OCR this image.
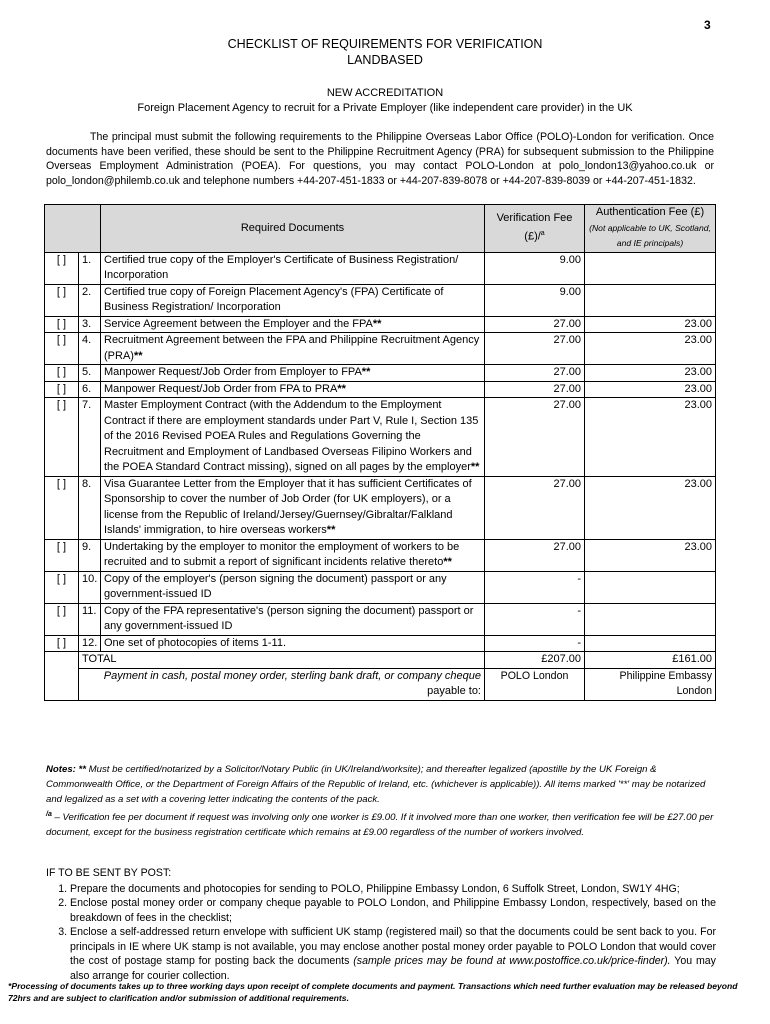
3
CHECKLIST OF REQUIREMENTS FOR VERIFICATION
LANDBASED
NEW ACCREDITATION
Foreign Placement Agency to recruit for a Private Employer (like independent care provider) in the UK
The principal must submit the following requirements to the Philippine Overseas Labor Office (POLO)-London for verification. Once documents have been verified, these should be sent to the Philippine Recruitment Agency (PRA) for subsequent submission to the Philippine Overseas Employment Administration (POEA). For questions, you may contact POLO-London at polo_london13@yahoo.co.uk or polo_london@philemb.co.uk and telephone numbers +44-207-451-1833 or +44-207-839-8078 or +44-207-839-8039 or +44-207-451-1832.
		Required Documents	Verification Fee (£)/$^a$	Authentication Fee (£) (Not applicable to UK, Scotland, and IE principals)
[ ]	1.	Certified true copy of the Employer's Certificate of Business Registration/ Incorporation	9.00	
[ ]	2.	Certified true copy of Foreign Placement Agency's (FPA) Certificate of Business Registration/ Incorporation	9.00	
[ ]	3.	Service Agreement between the Employer and the FPA**	27.00	23.00
[ ]	4.	Recruitment Agreement between the FPA and Philippine Recruitment Agency (PRA)**	27.00	23.00
[ ]	5.	Manpower Request/Job Order from Employer to FPA**	27.00	23.00
[ ]	6.	Manpower Request/Job Order from FPA to PRA**	27.00	23.00
[ ]	7.	Master Employment Contract (with the Addendum to the Employment Contract if there are employment standards under Part V, Rule I, Section 135 of the 2016 Revised POEA Rules and Regulations Governing the Recruitment and Employment of Landbased Overseas Filipino Workers and the POEA Standard Contract missing), signed on all pages by the employer**	27.00	23.00
[ ]	8.	Visa Guarantee Letter from the Employer that it has sufficient Certificates of Sponsorship to cover the number of Job Order (for UK employers), or a license from the Republic of Ireland/Jersey/Guernsey/Gibraltar/Falkland Islands' immigration, to hire overseas workers**	27.00	23.00
[ ]	9.	Undertaking by the employer to monitor the employment of workers to be recruited and to submit a report of significant incidents relative thereto**	27.00	23.00
[ ]	10.	Copy of the employer's (person signing the document) passport or any government-issued ID	-	
[ ]	11.	Copy of the FPA representative's (person signing the document) passport or any government-issued ID	-	
[ ]	12.	One set of photocopies of items 1-11.	-	
	TOTAL		£207.00	£161.00
	Payment in cash, postal money order, sterling bank draft, or company cheque payable to:		POLO London	Philippine Embassy London
Notes: ** Must be certified/notarized by a Solicitor/Notary Public (in UK/Ireland/worksite); and thereafter legalized (apostille by the UK Foreign & Commonwealth Office, or the Department of Foreign Affairs of the Republic of Ireland, etc. (whichever is applicable)). All items marked '**' may be notarized and legalized as a set with a covering letter indicating the contents of the pack.
$^{/a}$ – Verification fee per document if request was involving only one worker is £9.00. If it involved more than one worker, then verification fee will be £27.00 per document, except for the business registration certificate which remains at £9.00 regardless of the number of workers involved.
IF TO BE SENT BY POST:
1. Prepare the documents and photocopies for sending to POLO, Philippine Embassy London, 6 Suffolk Street, London, SW1Y 4HG;
2. Enclose postal money order or company cheque payable to POLO London, and Philippine Embassy London, respectively, based on the breakdown of fees in the checklist;
3. Enclose a self-addressed return envelope with sufficient UK stamp (registered mail) so that the documents could be sent back to you. For principals in IE where UK stamp is not available, you may enclose another postal money order payable to POLO London that would cover the cost of postage stamp for posting back the documents (sample prices may be found at www.postoffice.co.uk/price-finder). You may also arrange for courier collection.
*Processing of documents takes up to three working days upon receipt of complete documents and payment. Transactions which need further evaluation may be released beyond 72hrs and are subject to clarification and/or submission of additional requirements.
